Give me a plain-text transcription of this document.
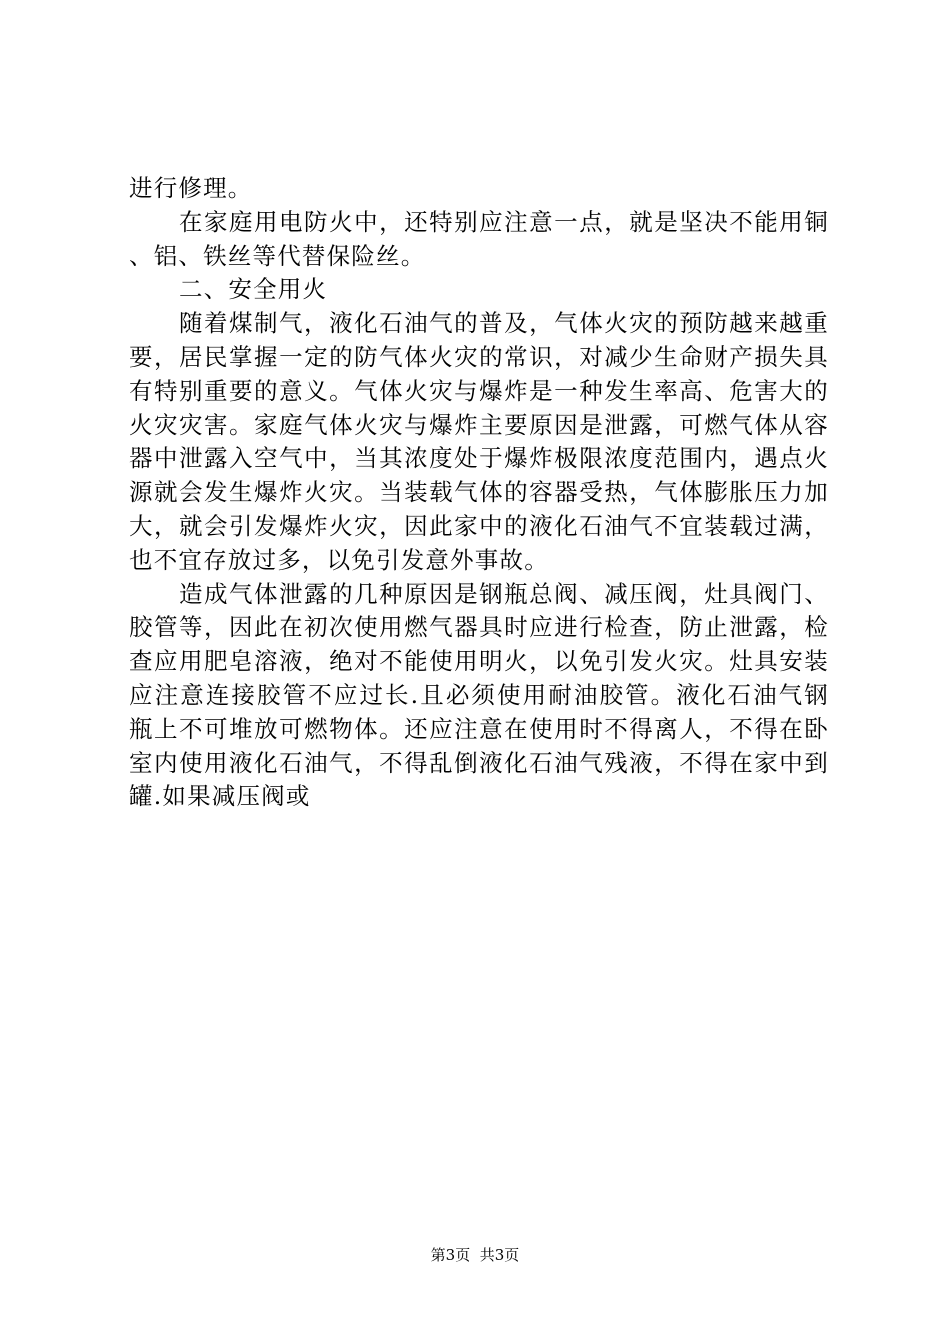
进行修理。

在家庭用电防火中，还特别应注意一点，就是坚决不能用铜、铝、铁丝等代替保险丝。

二、安全用火

随着煤制气，液化石油气的普及，气体火灾的预防越来越重要，居民掌握一定的防气体火灾的常识，对减少生命财产损失具有特别重要的意义。气体火灾与爆炸是一种发生率高、危害大的火灾灾害。家庭气体火灾与爆炸主要原因是泄露，可燃气体从容器中泄露入空气中，当其浓度处于爆炸极限浓度范围内，遇点火源就会发生爆炸火灾。当装载气体的容器受热，气体膨胀压力加大，就会引发爆炸火灾，因此家中的液化石油气不宜装载过满，也不宜存放过多，以免引发意外事故。

造成气体泄露的几种原因是钢瓶总阀、减压阀，灶具阀门、胶管等，因此在初次使用燃气器具时应进行检查，防止泄露，检查应用肥皂溶液，绝对不能使用明火，以免引发火灾。灶具安装应注意连接胶管不应过长.且必须使用耐油胶管。液化石油气钢瓶上不可堆放可燃物体。还应注意在使用时不得离人，不得在卧室内使用液化石油气，不得乱倒液化石油气残液，不得在家中到罐.如果减压阀或

第3页 共3页
